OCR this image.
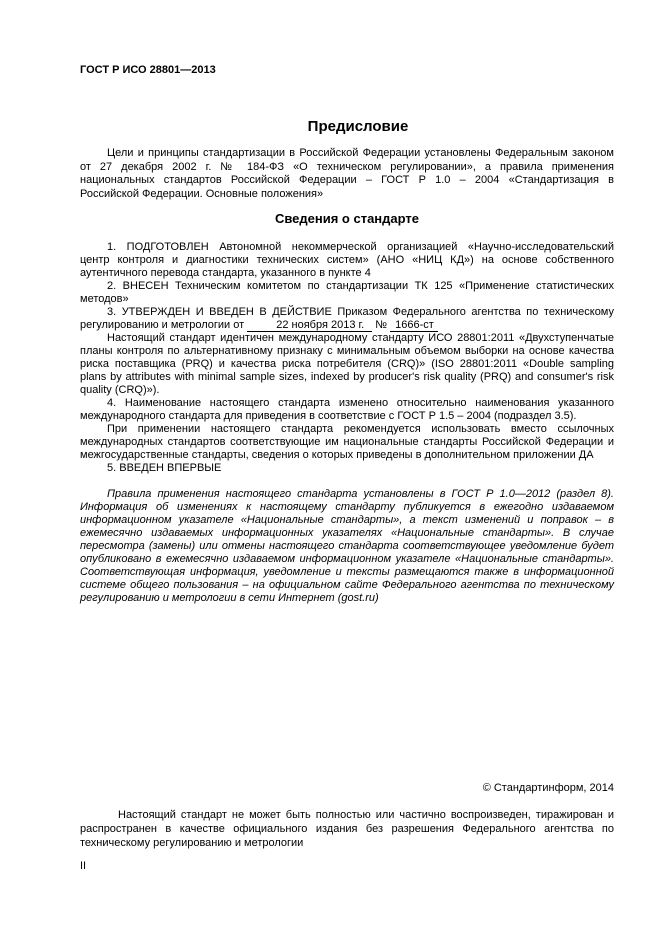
ГОСТ Р ИСО 28801—2013
Предисловие
Цели и принципы стандартизации в Российской Федерации установлены Федеральным законом
от 27 декабря 2002 г. № 184-ФЗ «О техническом регулировании», а правила применения
национальных стандартов Российской Федерации – ГОСТ Р 1.0 – 2004 «Стандартизация в
Российской Федерации. Основные положения»
Сведения о стандарте
1. ПОДГОТОВЛЕН Автономной некоммерческой организацией «Научно-исследовательский
центр контроля и диагностики технических систем» (АНО «НИЦ КД») на основе собственного
аутентичного перевода стандарта, указанного в пункте 4
2. ВНЕСЕН Техническим комитетом по стандартизации ТК 125 «Применение статистических
методов»
3. УТВЕРЖДЕН И ВВЕДЕН В ДЕЙСТВИЕ Приказом Федерального агентства по техническому
регулированию и метрологии от	22 ноября 2013 г. № 1666-ст
Настоящий стандарт идентичен международному стандарту ИСО 28801:2011 «Двухступенчатые
планы контроля по альтернативному признаку с минимальным объемом выборки на основе качества
риска поставщика (PRQ) и качества риска потребителя (CRQ)» (ISO 28801:2011 «Double sampling
plans by attributes with minimal sample sizes, indexed by producer's risk quality (PRQ) and consumer's risk
quality (CRQ)»).
4. Наименование настоящего стандарта изменено относительно наименования указанного
международного стандарта для приведения в соответствие с ГОСТ Р 1.5 – 2004 (подраздел 3.5).
При применении настоящего стандарта рекомендуется использовать вместо ссылочных
международных стандартов соответствующие им национальные стандарты Российской Федерации и
межгосударственные стандарты, сведения о которых приведены в дополнительном приложении ДА
5. ВВЕДЕН ВПЕРВЫЕ
Правила применения настоящего стандарта установлены в ГОСТ Р 1.0—2012 (раздел 8).
Информация об изменениях к настоящему стандарту публикуется в ежегодно издаваемом
информационном указателе «Национальные стандарты», а текст изменений и поправок – в
ежемесячно издаваемых информационных указателях «Национальные стандарты». В случае
пересмотра (замены) или отмены настоящего стандарта соответствующее уведомление будет
опубликовано в ежемесячно издаваемом информационном указателе «Национальные стандарты».
Соответствующая информация, уведомление и тексты размещаются также в информационной
системе общего пользования – на официальном сайте Федерального агентства по техническому
регулированию и метрологии в сети Интернет (gost.ru)
© Стандартинформ, 2014
Настоящий стандарт не может быть полностью или частично воспроизведен, тиражирован и
распространен в качестве официального издания без разрешения Федерального агентства по
техническому регулированию и метрологии
II
